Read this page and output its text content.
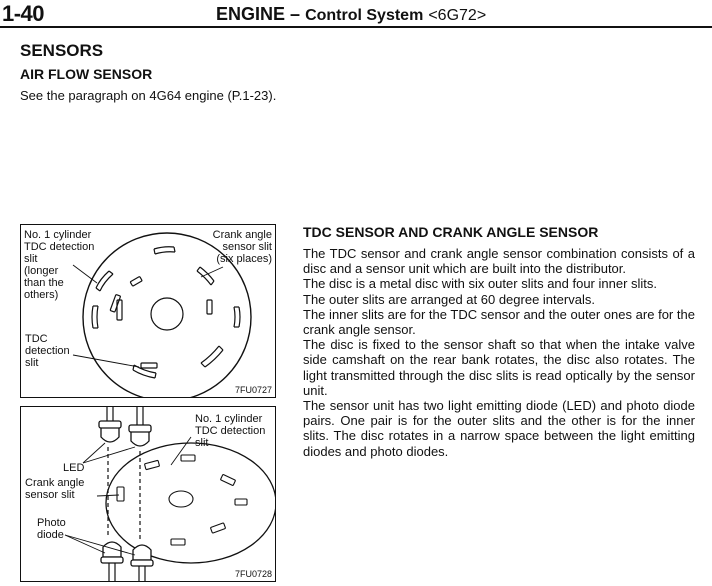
1-40	ENGINE – Control System <6G72>
SENSORS
AIR FLOW SENSOR
See the paragraph on 4G64 engine (P.1-23).
No. 1 cylinder
TDC detection
slit
(longer
than the
others)
Crank angle
sensor slit
(six places)
TDC
detection
slit
7FU0727
No. 1 cylinder
TDC detection
slit
LED
Crank angle
sensor slit
Photo
diode
7FU0728
TDC SENSOR AND CRANK ANGLE SENSOR

The TDC sensor and crank angle sensor combination consists of a disc and a sensor unit which are built into the distributor.

The disc is a metal disc with six outer slits and four inner slits.

The outer slits are arranged at 60 degree intervals.

The inner slits are for the TDC sensor and the outer ones are for the crank angle sensor.

The disc is fixed to the sensor shaft so that when the intake valve side camshaft on the rear bank rotates, the disc also rotates. The light transmitted through the disc slits is read optically by the sensor unit.

The sensor unit has two light emitting diode (LED) and photo diode pairs. One pair is for the outer slits and the other is for the inner slits. The disc rotates in a narrow space between the light emitting diodes and photo diodes.
